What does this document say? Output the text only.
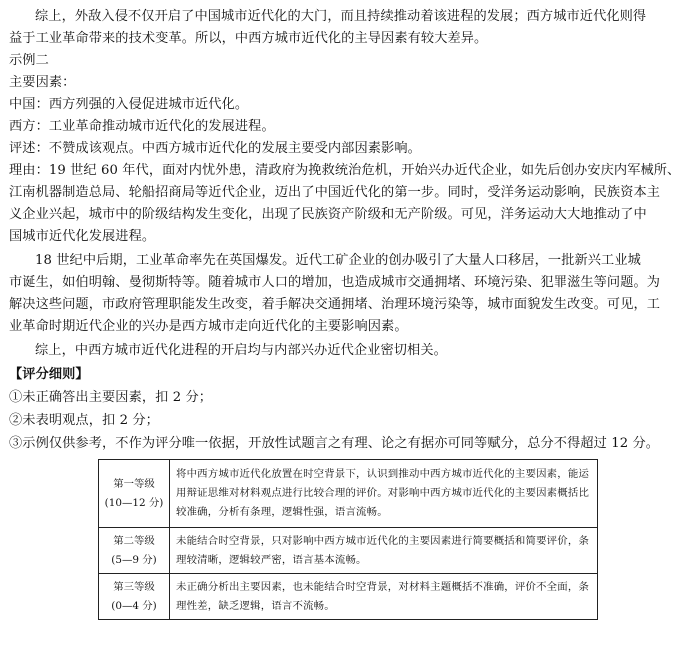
综上，外敌入侵不仅开启了中国城市近代化的大门，而且持续推动着该进程的发展；西方城市近代化则得
益于工业革命带来的技术变革。所以，中西方城市近代化的主导因素有较大差异。
示例二
主要因素：
中国：西方列强的入侵促进城市近代化。
西方：工业革命推动城市近代化的发展进程。
评述：不赞成该观点。中西方城市近代化的发展主要受内部因素影响。
理由：19 世纪 60 年代，面对内忧外患，清政府为挽救统治危机，开始兴办近代企业，如先后创办安庆内军械所、
江南机器制造总局、轮船招商局等近代企业，迈出了中国近代化的第一步。同时，受洋务运动影响，民族资本主
义企业兴起，城市中的阶级结构发生变化，出现了民族资产阶级和无产阶级。可见，洋务运动大大地推动了中
国城市近代化发展进程。
18 世纪中后期，工业革命率先在英国爆发。近代工矿企业的创办吸引了大量人口移居，一批新兴工业城
市诞生，如伯明翰、曼彻斯特等。随着城市人口的增加，也造成城市交通拥堵、环境污染、犯罪滋生等问题。为
解决这些问题，市政府管理职能发生改变，着手解决交通拥堵、治理环境污染等，城市面貌发生改变。可见，工
业革命时期近代企业的兴办是西方城市走向近代化的主要影响因素。
综上，中西方城市近代化进程的开启均与内部兴办近代企业密切相关。
【评分细则】
①未正确答出主要因素，扣 2 分；
②未表明观点，扣 2 分；
③示例仅供参考，不作为评分唯一依据，开放性试题言之有理、论之有据亦可同等赋分，总分不得超过 12 分。
第一等级
(10—12 分)	将中西方城市近代化放置在时空背景下，认识到推动中西方城市近代化的主要因素，能运用辩证思维对材料观点进行比较合理的评价。对影响中西方城市近代化的主要因素概括比较准确，分析有条理，逻辑性强，语言流畅。

第二等级
(5—9 分)	未能结合时空背景，只对影响中西方城市近代化的主要因素进行简要概括和简要评价，条理较清晰，逻辑较严密，语言基本流畅。

第三等级
(0—4 分)	未正确分析出主要因素，也未能结合时空背景，对材料主题概括不准确，评价不全面，条理性差，缺乏逻辑，语言不流畅。
